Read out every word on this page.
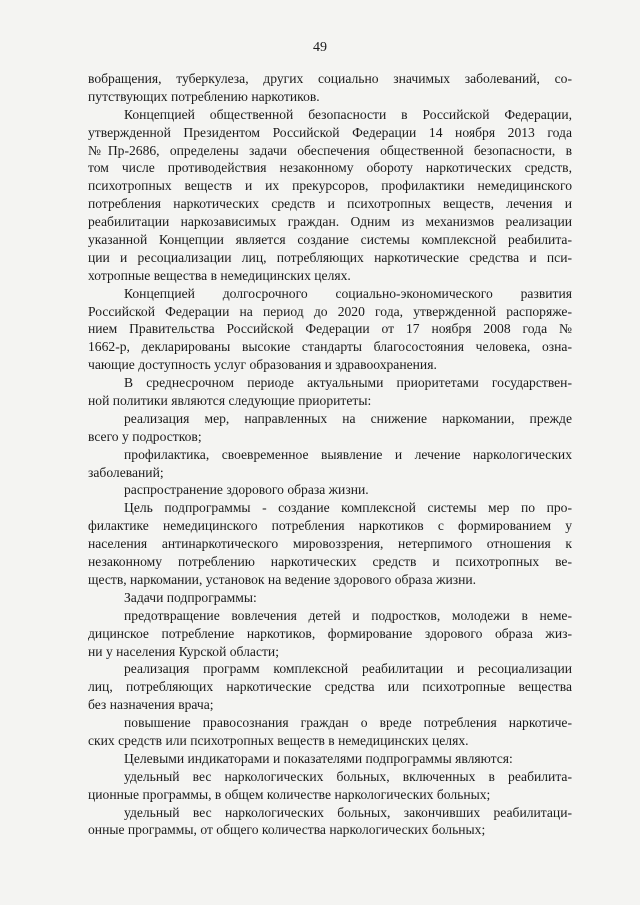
49
вобращения, туберкулеза, других социально значимых заболеваний, со-
путствующих потреблению наркотиков.
Концепцией общественной безопасности в Российской Федерации,
утвержденной Президентом Российской Федерации 14 ноября 2013 года
№Пр-2686, определены задачи обеспечения общественной безопасности, в
том числе противодействия незаконному обороту наркотических средств,
психотропных веществ и их прекурсоров, профилактики немедицинского
потребления наркотических средств и психотропных веществ, лечения и
реабилитации наркозависимых граждан. Одним из механизмов реализации
указанной Концепции является создание системы комплексной реабилита-
ции и ресоциализации лиц, потребляющих наркотические средства и пси-
хотропные вещества в немедицинских целях.
Концепцией долгосрочного социально-экономического развития
Российской Федерации на период до 2020 года, утвержденной распоряже-
нием Правительства Российской Федерации от 17 ноября 2008 года №
1662-р, декларированы высокие стандарты благосостояния человека, озна-
чающие доступность услуг образования и здравоохранения.
В среднесрочном периоде актуальными приоритетами государствен-
ной политики являются следующие приоритеты:
реализация мер, направленных на снижение наркомании, прежде
всего у подростков;
профилактика, своевременное выявление и лечение наркологических
заболеваний;
распространение здорового образа жизни.
Цель подпрограммы - создание комплексной системы мер по про-
филактике немедицинского потребления наркотиков с формированием у
населения антинаркотического мировоззрения, нетерпимого отношения к
незаконному потреблению наркотических средств и психотропных ве-
ществ, наркомании, установок на ведение здорового образа жизни.
Задачи подпрограммы:
предотвращение вовлечения детей и подростков, молодежи в неме-
дицинское потребление наркотиков, формирование здорового образа жиз-
ни у населения Курской области;
реализация программ комплексной реабилитации и ресоциализации
лиц, потребляющих наркотические средства или психотропные вещества
без назначения врача;
повышение правосознания граждан о вреде потребления наркотиче-
ских средств или психотропных веществ в немедицинских целях.
Целевыми индикаторами и показателями подпрограммы являются:
удельный вес наркологических больных, включенных в реабилита-
ционные программы, в общем количестве наркологических больных;
удельный вес наркологических больных, закончивших реабилитаци-
онные программы, от общего количества наркологических больных;
